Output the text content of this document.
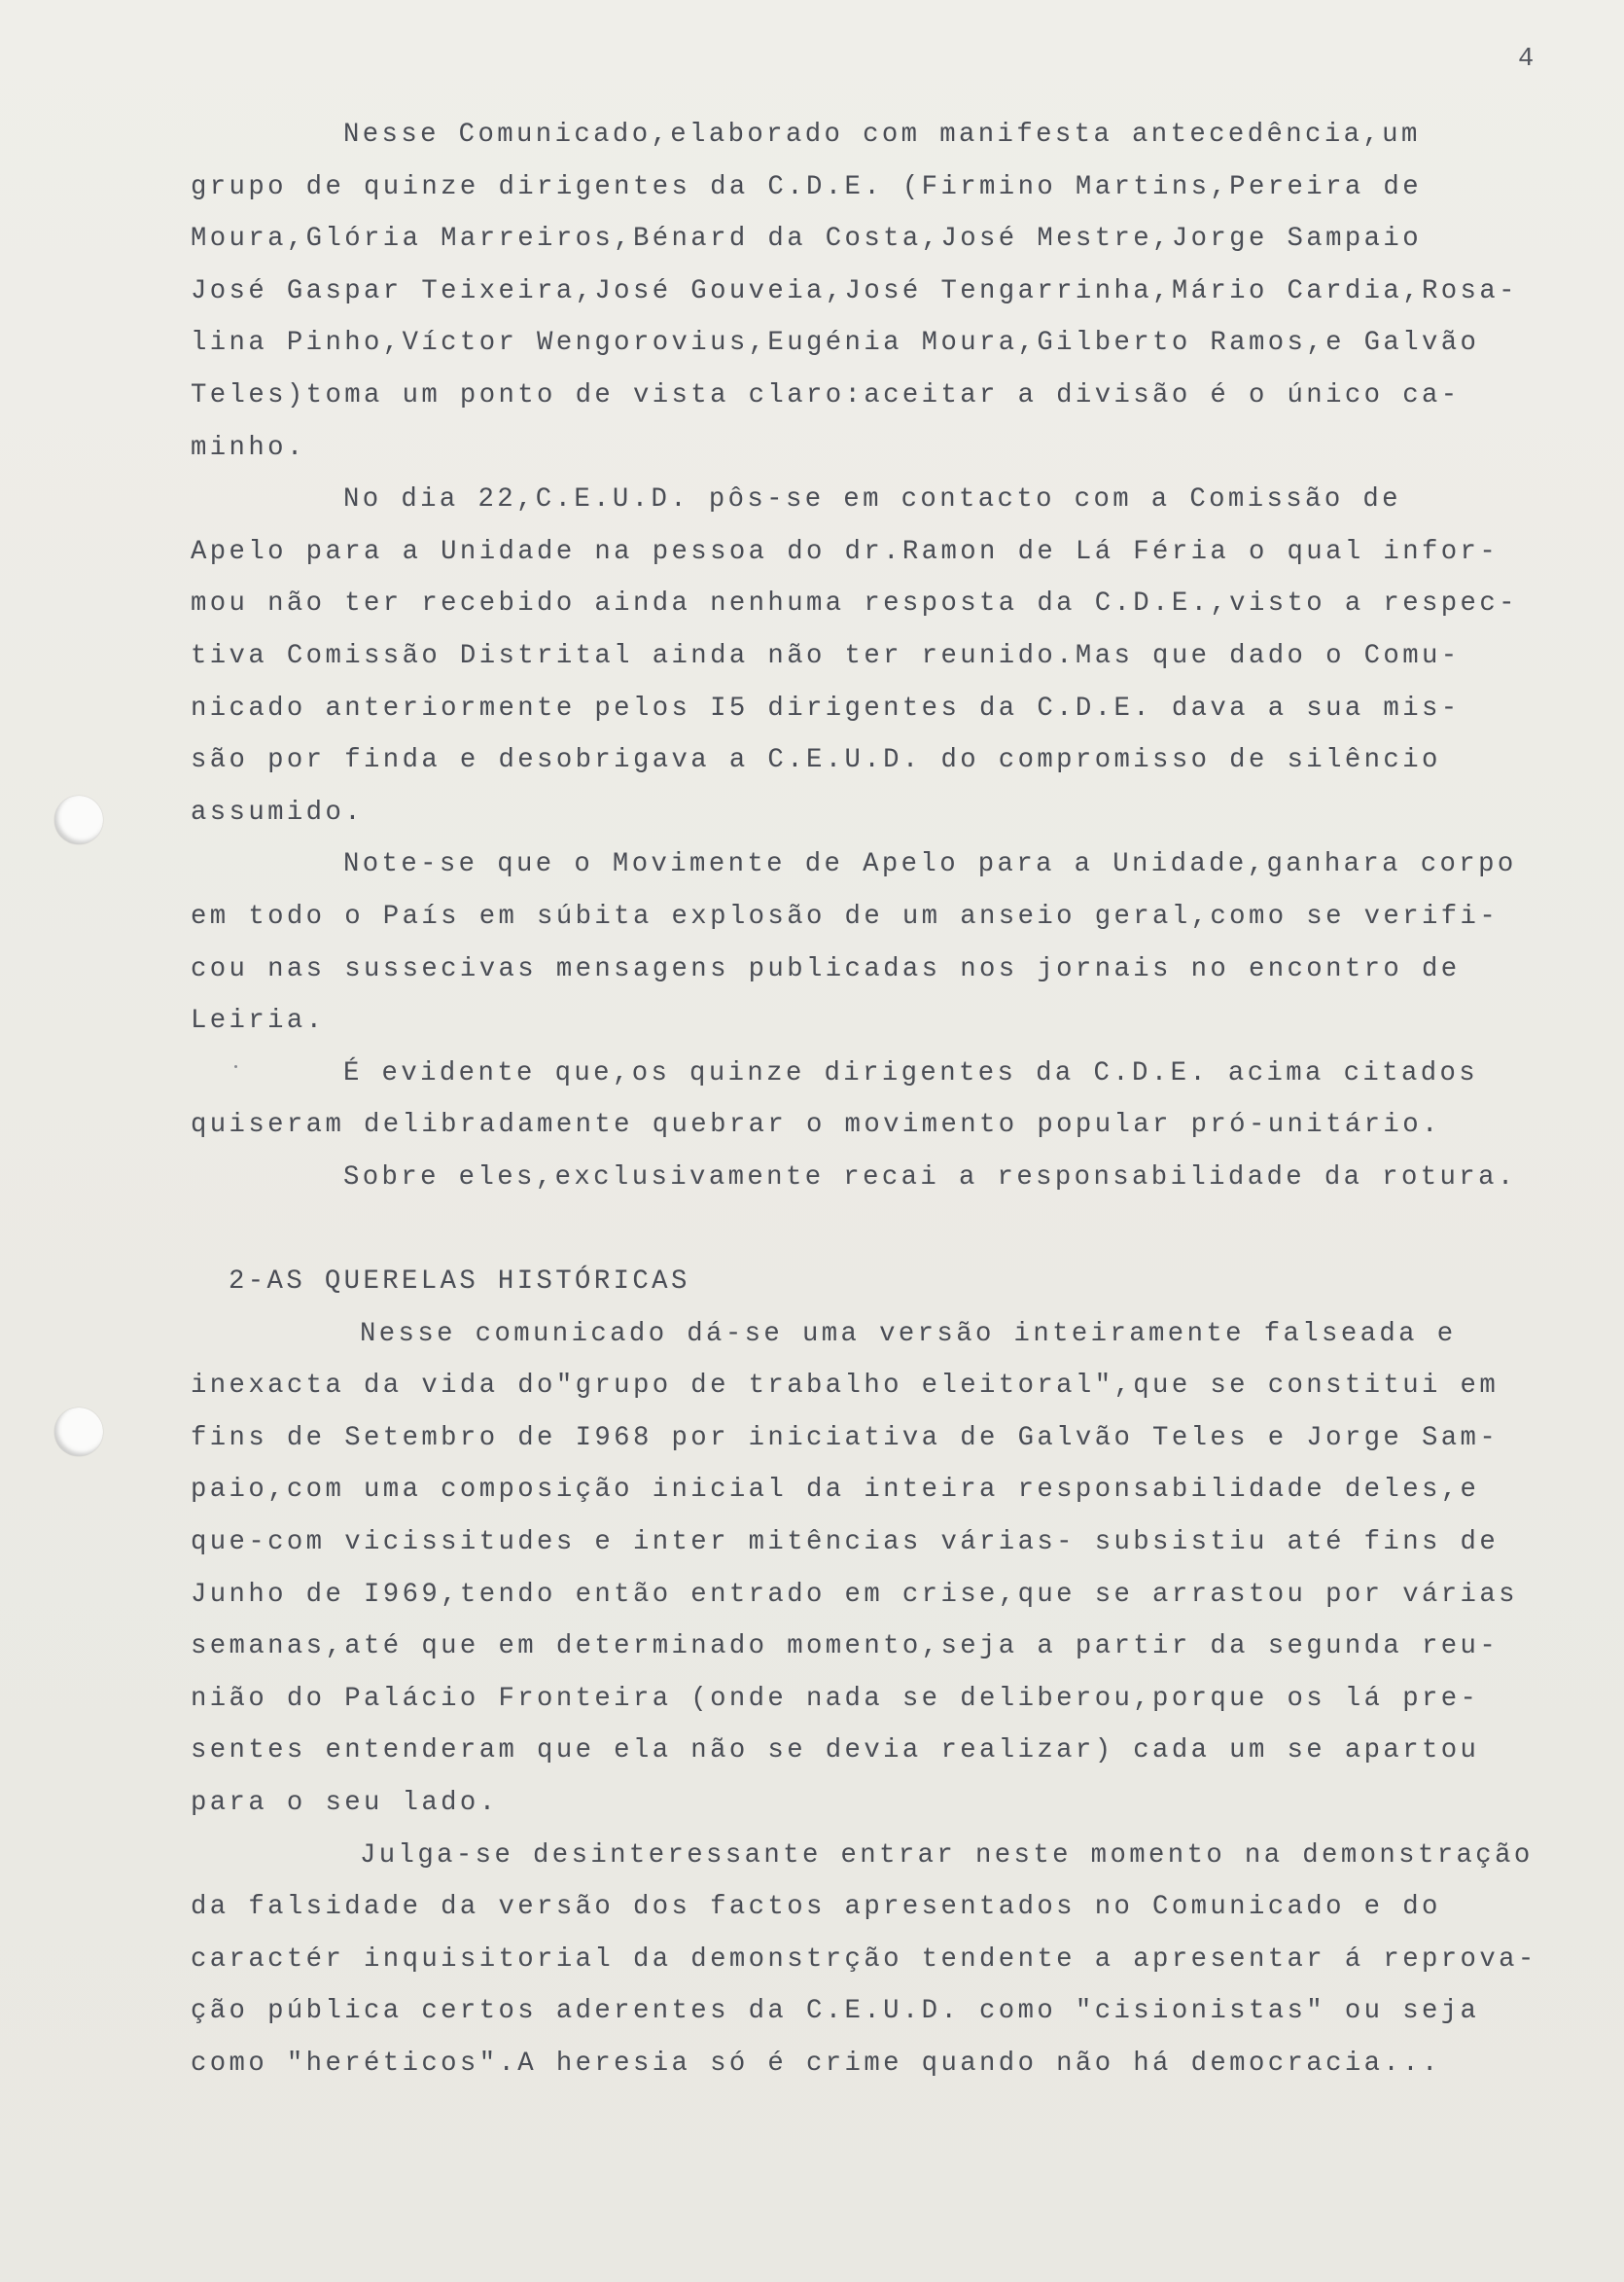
4
Nesse Comunicado,elaborado com manifesta antecedência,um
grupo de quinze dirigentes da C.D.E. (Firmino Martins,Pereira de
Moura,Glória Marreiros,Bénard da Costa,José Mestre,Jorge Sampaio
José Gaspar Teixeira,José Gouveia,José Tengarrinha,Mário Cardia,Rosa-
lina Pinho,Víctor Wengorovius,Eugénia Moura,Gilberto Ramos,e Galvão
Teles)toma um ponto de vista claro:aceitar a divisão é o único ca-
minho.
No dia 22,C.E.U.D. pôs-se em contacto com a Comissão de
Apelo para a Unidade na pessoa do dr.Ramon de Lá Féria o qual infor-
mou não ter recebido ainda nenhuma resposta da C.D.E.,visto a respec-
tiva Comissão Distrital ainda não ter reunido.Mas que dado o Comu-
nicado anteriormente pelos I5 dirigentes da C.D.E. dava a sua mis-
são por finda e desobrigava a C.E.U.D. do compromisso de silêncio
assumido.
Note-se que o Movimente de Apelo para a Unidade,ganhara corpo
em todo o País em súbita explosão de um anseio geral,como se verifi-
cou nas sussecivas mensagens publicadas nos jornais no encontro de
Leiria.
É evidente que,os quinze dirigentes da C.D.E. acima citados
quiseram delibradamente quebrar o movimento popular pró-unitário.
Sobre eles,exclusivamente recai a responsabilidade da rotura.
2-AS QUERELAS HISTÓRICAS
Nesse comunicado dá-se uma versão inteiramente falseada e
inexacta da vida do"grupo de trabalho eleitoral",que se constitui em
fins de Setembro de I968 por iniciativa de Galvão Teles e Jorge Sam-
paio,com uma composição inicial da inteira responsabilidade deles,e
que-com vicissitudes e inter mitências várias- subsistiu até fins de
Junho de I969,tendo então entrado em crise,que se arrastou por várias
semanas,até que em determinado momento,seja a partir da segunda reu-
nião do Palácio Fronteira (onde nada se deliberou,porque os lá pre-
sentes entenderam que ela não se devia realizar) cada um se apartou
para o seu lado.
Julga-se desinteressante entrar neste momento na demonstração
da falsidade da versão dos factos apresentados no Comunicado e do
caractér inquisitorial da demonstrção tendente a apresentar á reprova-
ção pública certos aderentes da C.E.U.D. como "cisionistas" ou seja
como "heréticos".A heresia só é crime quando não há democracia...
